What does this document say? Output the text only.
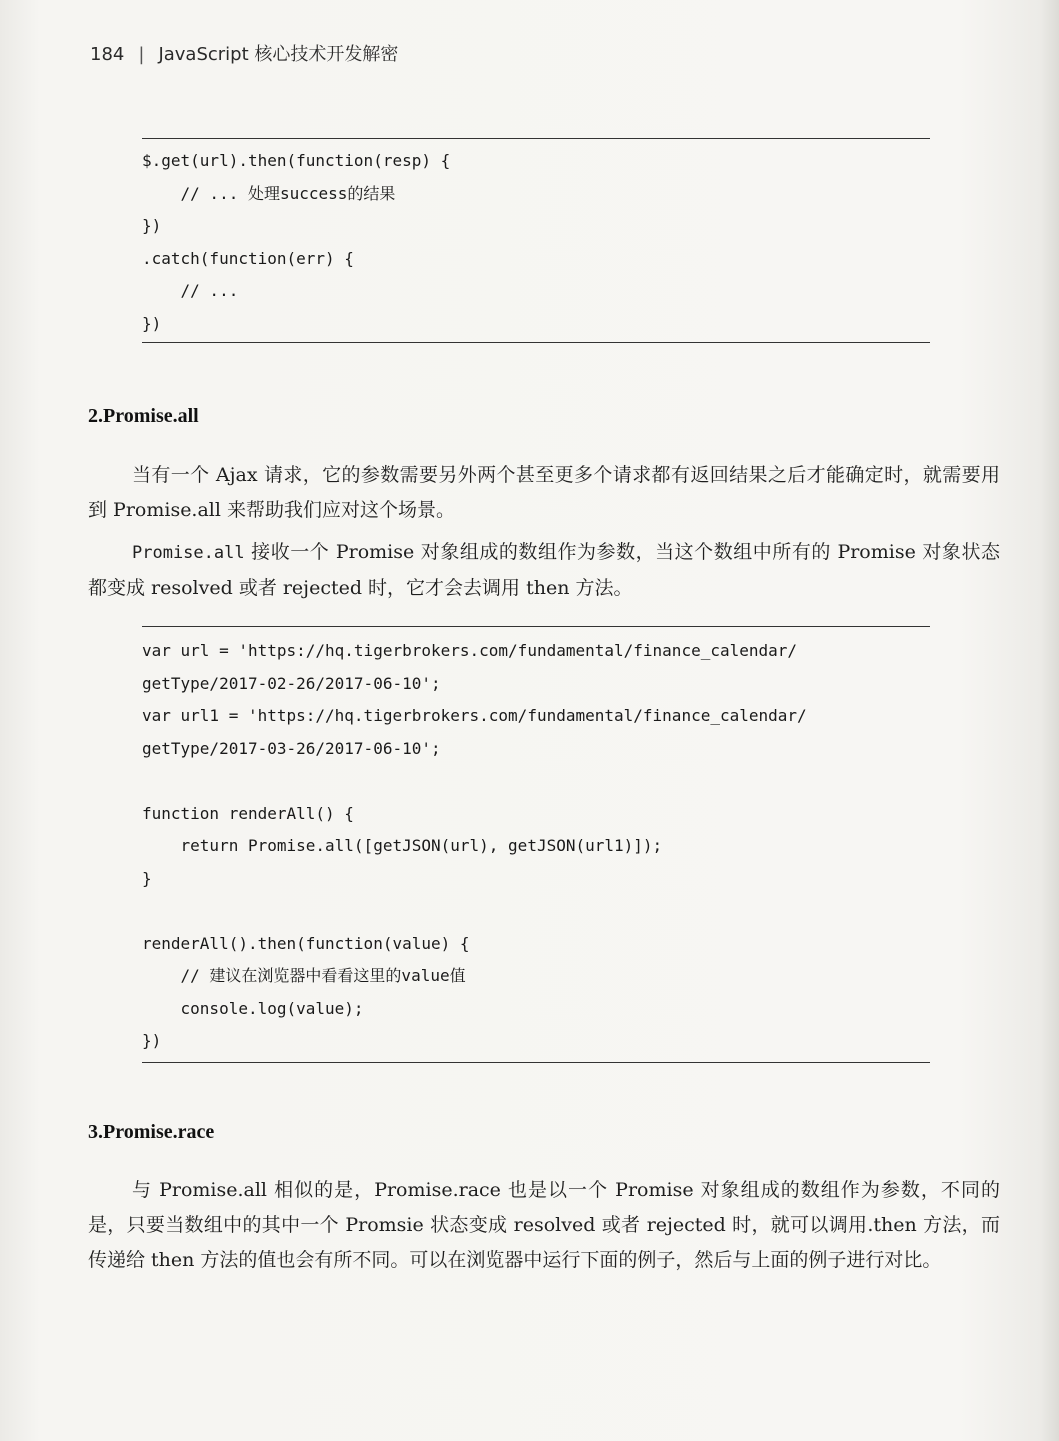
184 | JavaScript 核心技术开发解密
$.get(url).then(function(resp) {
// ... 处理success的结果
})
.catch(function(err) {
// ...
})
2.Promise.all
当有一个 Ajax 请求，它的参数需要另外两个甚至更多个请求都有返回结果之后才能确定时，就需要用到 Promise.all 来帮助我们应对这个场景。
Promise.all 接收一个 Promise 对象组成的数组作为参数，当这个数组中所有的 Promise 对象状态都变成 resolved 或者 rejected 时，它才会去调用 then 方法。
var url = 'https://hq.tigerbrokers.com/fundamental/finance_calendar/
getType/2017-02-26/2017-06-10';
var url1 = 'https://hq.tigerbrokers.com/fundamental/finance_calendar/
getType/2017-03-26/2017-06-10';
function renderAll() {
return Promise.all([getJSON(url), getJSON(url1)]);
}
renderAll().then(function(value) {
// 建议在浏览器中看看这里的value值
console.log(value);
})
3.Promise.race
与 Promise.all 相似的是，Promise.race 也是以一个 Promise 对象组成的数组作为参数，不同的是，只要当数组中的其中一个 Promsie 状态变成 resolved 或者 rejected 时，就可以调用.then 方法，而传递给 then 方法的值也会有所不同。可以在浏览器中运行下面的例子，然后与上面的例子进行对比。
